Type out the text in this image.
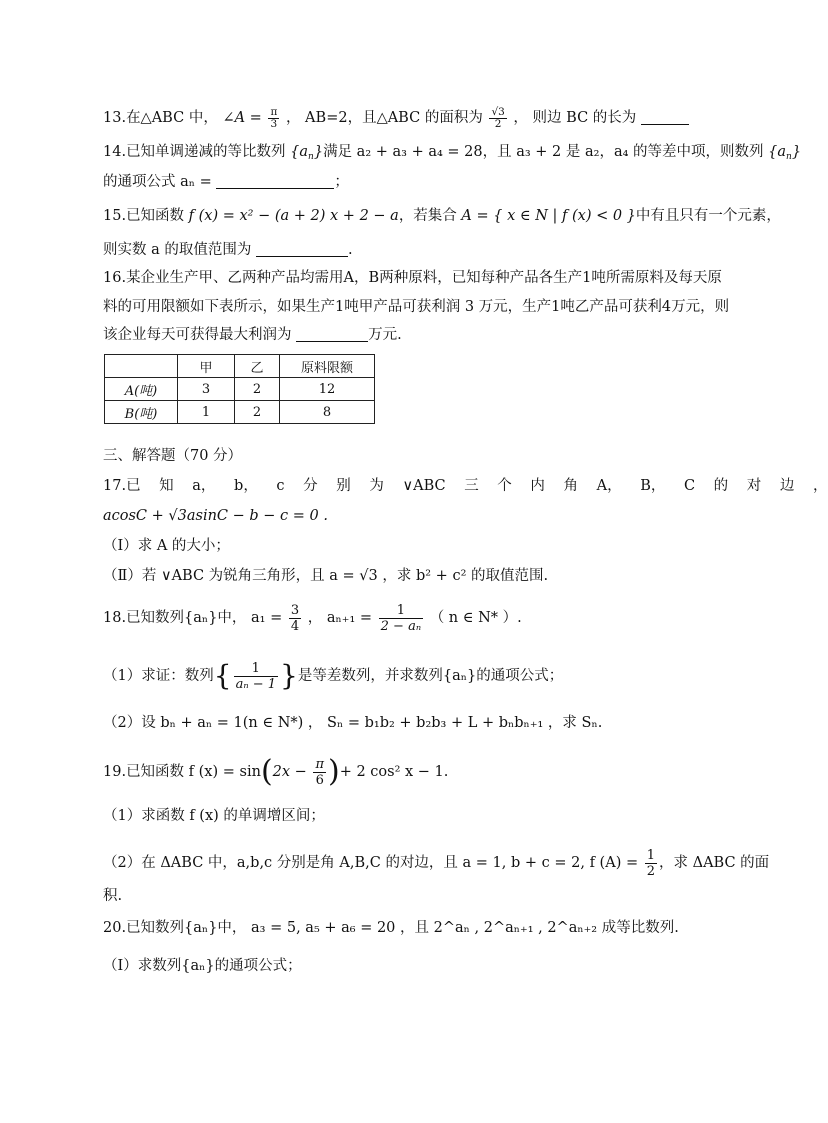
13.在△ABC 中， ∠A = $\frac{\pi}{3}$ ， AB=2，且△ABC 的面积为 $\frac{√3}{2}$ ， 则边 BC 的长为
14.已知单调递减的等比数列 $\{a_n\}$满足 a₂ + a₃ + a₄ = 28，且 a₃ + 2 是 a₂，a₄ 的等差中项，则数列 $\{a_n\}$
的通项公式 aₙ =	；
15.已知函数 f (x) = x² − (a + 2) x + 2 − a，若集合 A = { x ∈ N | f (x) < 0 }中有且只有一个元素，
则实数 a 的取值范围为	.
16.某企业生产甲、乙两种产品均需用A，B两种原料，已知每种产品各生产1吨所需原料及每天原
料的可用限额如下表所示，如果生产1吨甲产品可获利润 3 万元，生产1吨乙产品可获利4万元，则
该企业每天可获得最大利润为	万元.
	甲	乙	原料限额
A(吨)	3	2	12
B(吨)	1	2	8
三、解答题（70 分）
17.已 知 a， b， c 分 别 为 ∨ABC 三 个 内 角 A， B， C 的 对 边 ，
acosC + √3asinC − b − c = 0 .
（Ⅰ）求 A 的大小；
（Ⅱ）若 ∨ABC 为锐角三角形，且 a = √3 ，求 b² + c² 的取值范围.
18.已知数列{aₙ}中， $a_1 = \frac{3}{4}$ ， $a_{n+1} = \frac{1}{\text{2 − aₙ}}$ （ n ∈ N* ）.
（1）求证：数列{ $\frac{1}{\text{aₙ − 1}}$ }是等差数列，并求数列{aₙ}的通项公式；
（2）设 bₙ + aₙ = 1(n ∈ N*) ， Sₙ = b₁b₂ + b₂b₃ + L + bₙbₙ₊₁ ，求 Sₙ.
19.已知函数 f $(x) = \sin(2x - \frac{\pi}{6}$ )+ 2 cos² x − 1.
（1）求函数 f (x) 的单调增区间；
（2）在 ΔABC 中，a,b,c 分别是角 A,B,C 的对边，且 a = 1, b + c = 2, f $(A) = \frac{1}{2}$ ，求 ΔABC 的面
积.
20.已知数列{aₙ}中， a₃ = 5, a₅ + a₆ = 20 ，且 2^aₙ , 2^aₙ₊₁ , 2^aₙ₊₂ 成等比数列.
（Ⅰ）求数列{aₙ}的通项公式；
